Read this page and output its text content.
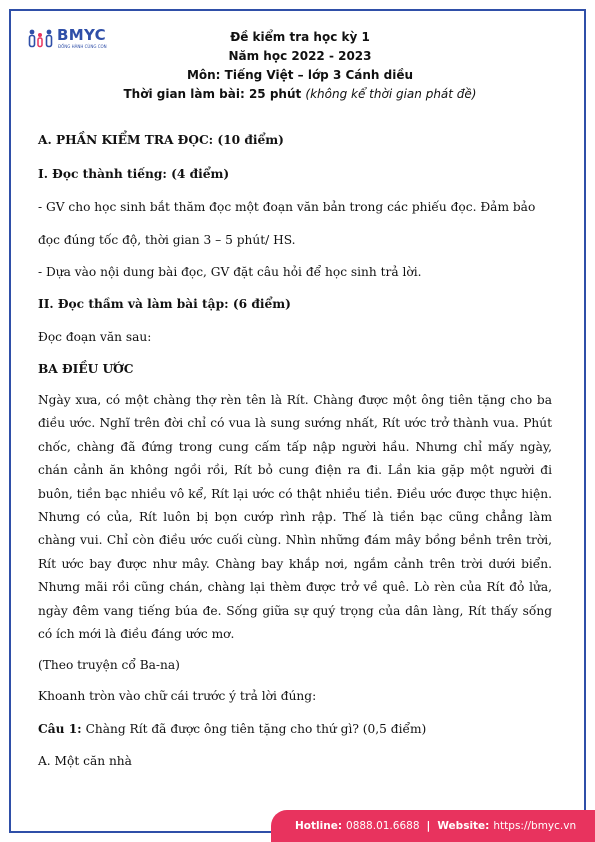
BMYC
ĐỒNG HÀNH CÙNG CON
Đề kiểm tra học kỳ 1
Năm học 2022 - 2023
Môn: Tiếng Việt – lớp 3 Cánh diều
Thời gian làm bài: 25 phút (không kể thời gian phát đề)
A. PHẦN KIỂM TRA ĐỌC: (10 điểm)
I. Đọc thành tiếng: (4 điểm)
- GV cho học sinh bắt thăm đọc một đoạn văn bản trong các phiếu đọc. Đảm bảo
đọc đúng tốc độ, thời gian 3 – 5 phút/ HS.
- Dựa vào nội dung bài đọc, GV đặt câu hỏi để học sinh trả lời.
II. Đọc thầm và làm bài tập: (6 điểm)
Đọc đoạn văn sau:
BA ĐIỀU ƯỚC
Ngày xưa, có một chàng thợ rèn tên là Rít. Chàng được một ông tiên tặng cho ba điều ước. Nghĩ trên đời chỉ có vua là sung sướng nhất, Rít ước trở thành vua. Phút chốc, chàng đã đứng trong cung cấm tấp nập người hầu. Nhưng chỉ mấy ngày, chán cảnh ăn không ngồi rồi, Rít bỏ cung điện ra đi. Lần kia gặp một người đi buôn, tiền bạc nhiều vô kể, Rít lại ước có thật nhiều tiền. Điều ước được thực hiện. Nhưng có của, Rít luôn bị bọn cướp rình rập. Thế là tiền bạc cũng chẳng làm chàng vui. Chỉ còn điều ước cuối cùng. Nhìn những đám mây bồng bềnh trên trời, Rít ước bay được như mây. Chàng bay khắp nơi, ngắm cảnh trên trời dưới biển. Nhưng mãi rồi cũng chán, chàng lại thèm được trở về quê. Lò rèn của Rít đỏ lửa, ngày đêm vang tiếng búa đe. Sống giữa sự quý trọng của dân làng, Rít thấy sống có ích mới là điều đáng ước mơ.
(Theo truyện cổ Ba-na)
Khoanh tròn vào chữ cái trước ý trả lời đúng:
Câu 1: Chàng Rít đã được ông tiên tặng cho thứ gì? (0,5 điểm)
A. Một căn nhà
Hotline: 0888.01.6688 | Website: https://bmyc.vn
